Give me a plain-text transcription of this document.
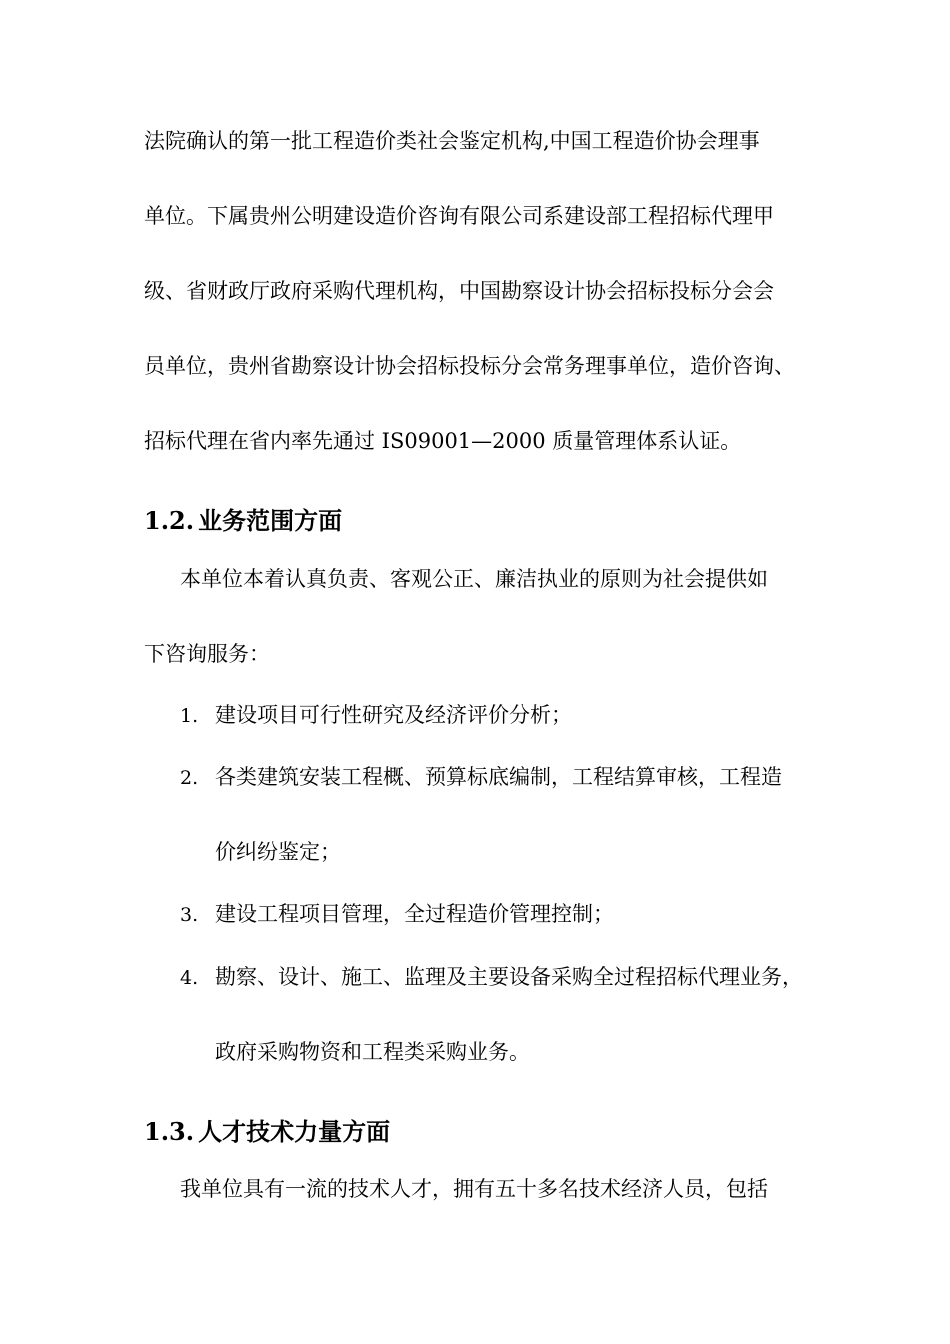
法院确认的第一批工程造价类社会鉴定机构,中国工程造价协会理事
单位。下属贵州公明建设造价咨询有限公司系建设部工程招标代理甲
级、省财政厅政府采购代理机构，中国勘察设计协会招标投标分会会
员单位，贵州省勘察设计协会招标投标分会常务理事单位，造价咨询、
招标代理在省内率先通过 IS09001—2000 质量管理体系认证。
1.2. 业务范围方面
本单位本着认真负责、客观公正、廉洁执业的原则为社会提供如
下咨询服务：
1. 建设项目可行性研究及经济评价分析；
2. 各类建筑安装工程概、预算标底编制，工程结算审核，工程造
价纠纷鉴定；
3. 建设工程项目管理，全过程造价管理控制；
4. 勘察、设计、施工、监理及主要设备采购全过程招标代理业务，
政府采购物资和工程类采购业务。
1.3. 人才技术力量方面
我单位具有一流的技术人才，拥有五十多名技术经济人员，包括
